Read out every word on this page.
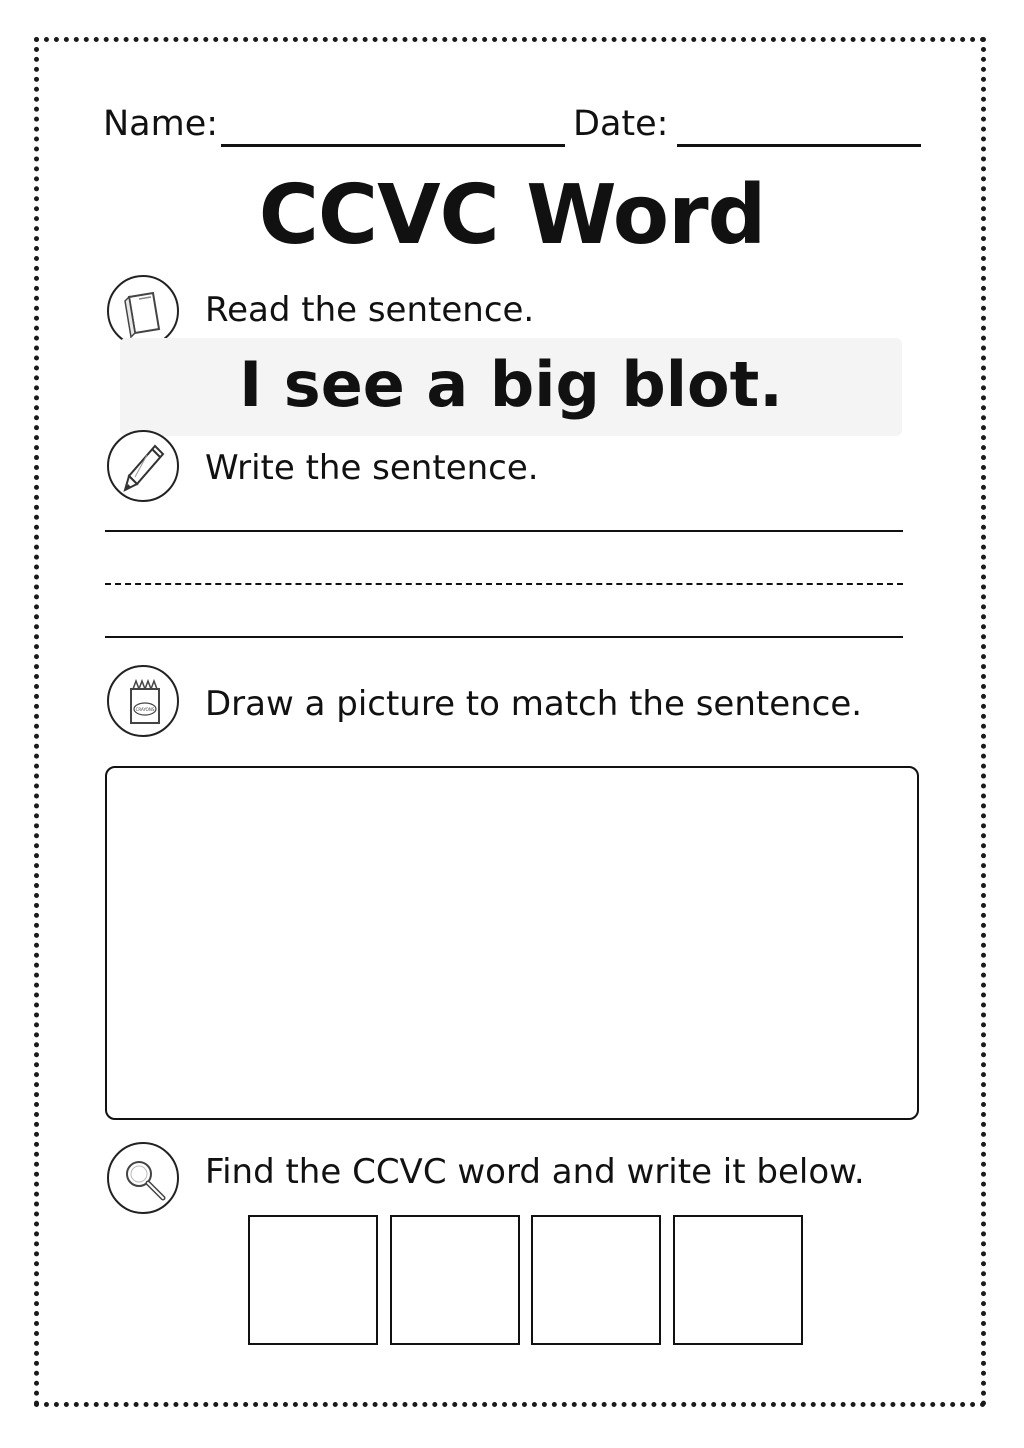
Name:	Date:
CCVC Word
Read the sentence.
I see a big blot.
Write the sentence.
CRAYONS Draw a picture to match the sentence.
Find the CCVC word and write it below.
